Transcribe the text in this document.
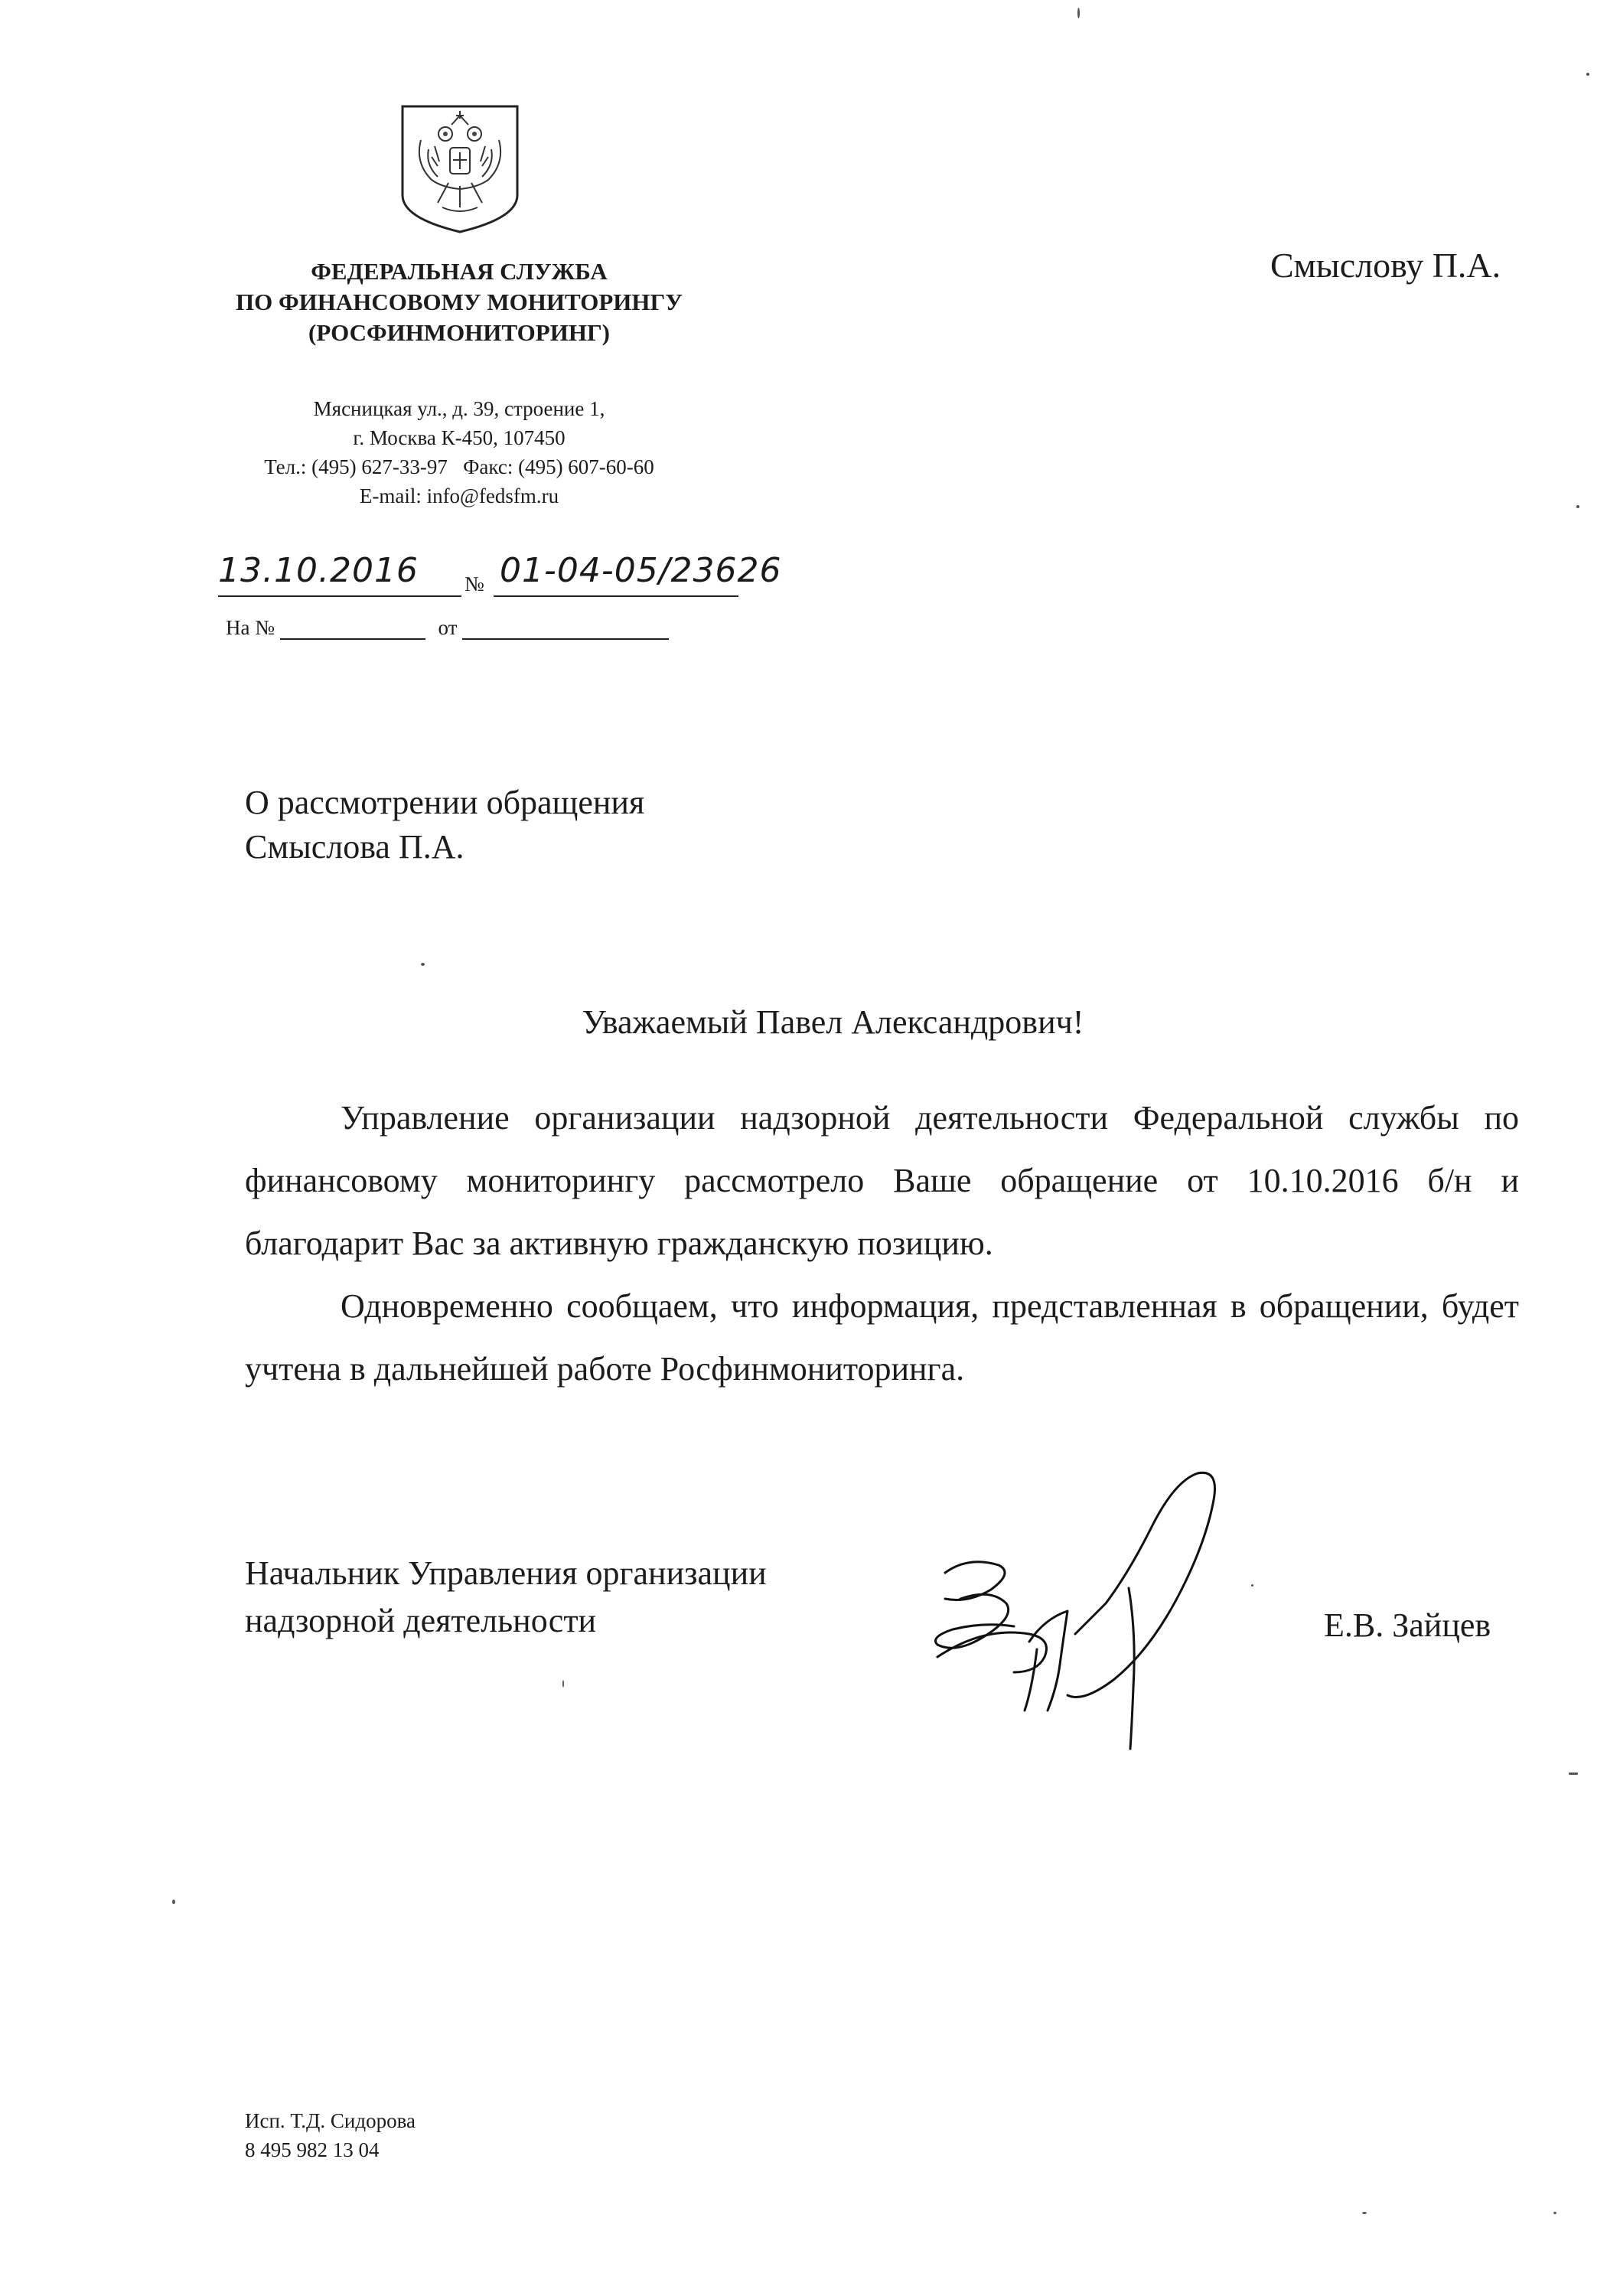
ФЕДЕРАЛЬНАЯ СЛУЖБА
ПО ФИНАНСОВОМУ МОНИТОРИНГУ
(РОСФИНМОНИТОРИНГ)
Мясницкая ул., д. 39, строение 1,
г. Москва К-450, 107450
Тел.: (495) 627-33-97   Факс: (495) 607-60-60
E-mail: info@fedsfm.ru
13.10.2016 № 01-04-05/23626
На №	от
Смыслову П.А.
О рассмотрении обращения
Смыслова П.А.
Уважаемый Павел Александрович!
Управление организации надзорной деятельности Федеральной службы по финансовому мониторингу рассмотрело Ваше обращение от 10.10.2016 б/н и благодарит Вас за активную гражданскую позицию.
Одновременно сообщаем, что информация, представленная в обращении, будет учтена в дальнейшей работе Росфинмониторинга.
Начальник Управления организации
надзорной деятельности	Е.В. Зайцев
Исп. Т.Д. Сидорова
8 495 982 13 04
